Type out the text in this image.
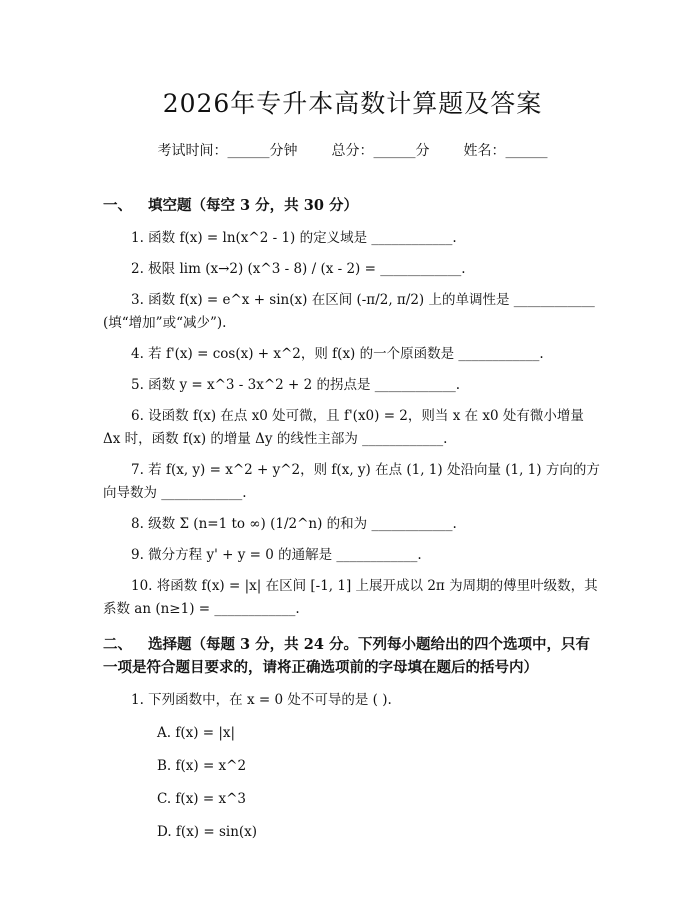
2026年专升本高数计算题及答案
考试时间：______分钟 总分：______分 姓名：______
一、 填空题（每空 3 分，共 30 分）

1. 函数 f(x) = ln(x^2 - 1) 的定义域是 ____________.

2. 极限 lim (x→2) (x^3 - 8) / (x - 2) = ____________.

3. 函数 f(x) = e^x + sin(x) 在区间 (-π/2, π/2) 上的单调性是 ____________ (填“增加”或“减少”).

4. 若 f'(x) = cos(x) + x^2，则 f(x) 的一个原函数是 ____________.

5. 函数 y = x^3 - 3x^2 + 2 的拐点是 ____________.

6. 设函数 f(x) 在点 x0 处可微，且 f'(x0) = 2，则当 x 在 x0 处有微小增量 Δx 时，函数 f(x) 的增量 Δy 的线性主部为 ____________.

7. 若 f(x, y) = x^2 + y^2，则 f(x, y) 在点 (1, 1) 处沿向量 (1, 1) 方向的方向导数为 ____________.

8. 级数 Σ (n=1 to ∞) (1/2^n) 的和为 ____________.

9. 微分方程 y' + y = 0 的通解是 ____________.

10. 将函数 f(x) = |x| 在区间 [-1, 1] 上展开成以 2π 为周期的傅里叶级数，其系数 an (n≥1) = ____________.

二、 选择题（每题 3 分，共 24 分。下列每小题给出的四个选项中，只有一项是符合题目要求的，请将正确选项前的字母填在题后的括号内）

1. 下列函数中，在 x = 0 处不可导的是 ( ).

A. f(x) = |x|

B. f(x) = x^2

C. f(x) = x^3

D. f(x) = sin(x)
